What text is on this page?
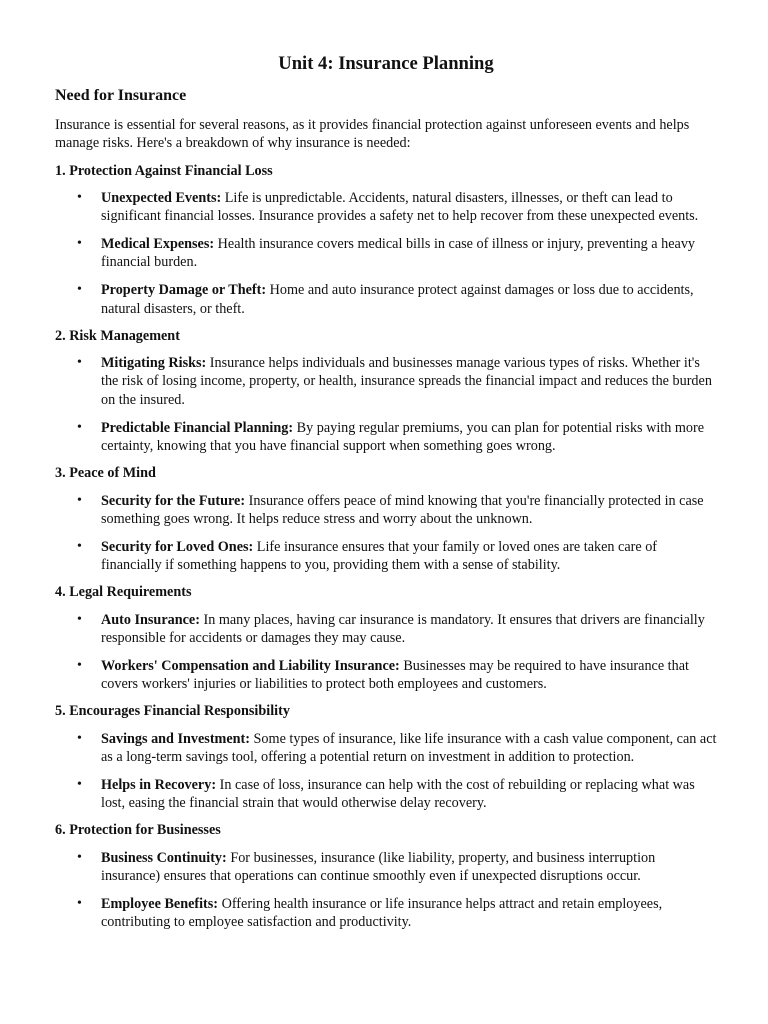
Unit 4: Insurance Planning
Need for Insurance

Insurance is essential for several reasons, as it provides financial protection against unforeseen events and helps manage risks. Here's a breakdown of why insurance is needed:

1. Protection Against Financial Loss
• Unexpected Events: Life is unpredictable. Accidents, natural disasters, illnesses, or theft can lead to significant financial losses. Insurance provides a safety net to help recover from these unexpected events.
• Medical Expenses: Health insurance covers medical bills in case of illness or injury, preventing a heavy financial burden.
• Property Damage or Theft: Home and auto insurance protect against damages or loss due to accidents, natural disasters, or theft.
2. Risk Management
• Mitigating Risks: Insurance helps individuals and businesses manage various types of risks. Whether it's the risk of losing income, property, or health, insurance spreads the financial impact and reduces the burden on the insured.
• Predictable Financial Planning: By paying regular premiums, you can plan for potential risks with more certainty, knowing that you have financial support when something goes wrong.
3. Peace of Mind
• Security for the Future: Insurance offers peace of mind knowing that you're financially protected in case something goes wrong. It helps reduce stress and worry about the unknown.
• Security for Loved Ones: Life insurance ensures that your family or loved ones are taken care of financially if something happens to you, providing them with a sense of stability.
4. Legal Requirements
• Auto Insurance: In many places, having car insurance is mandatory. It ensures that drivers are financially responsible for accidents or damages they may cause.
• Workers' Compensation and Liability Insurance: Businesses may be required to have insurance that covers workers' injuries or liabilities to protect both employees and customers.
5. Encourages Financial Responsibility
• Savings and Investment: Some types of insurance, like life insurance with a cash value component, can act as a long-term savings tool, offering a potential return on investment in addition to protection.
• Helps in Recovery: In case of loss, insurance can help with the cost of rebuilding or replacing what was lost, easing the financial strain that would otherwise delay recovery.
6. Protection for Businesses
• Business Continuity: For businesses, insurance (like liability, property, and business interruption insurance) ensures that operations can continue smoothly even if unexpected disruptions occur.
• Employee Benefits: Offering health insurance or life insurance helps attract and retain employees, contributing to employee satisfaction and productivity.
